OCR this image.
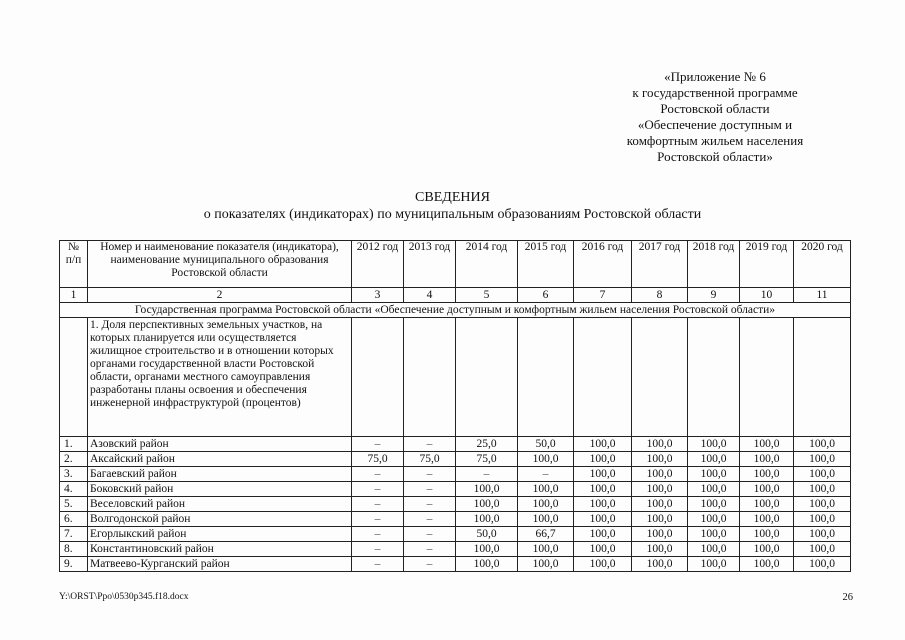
«Приложение № 6
к государственной программе
Ростовской области
«Обеспечение доступным и
комфортным жильем населения
Ростовской области»
СВЕДЕНИЯ
о показателях (индикаторах) по муниципальным образованиям Ростовской области
№ п/п	Номер и наименование показателя (индикатора), наименование муниципального образования Ростовской области	2012 год	2013 год	2014 год	2015 год	2016 год	2017 год	2018 год	2019 год	2020 год
1	2	3	4	5	6	7	8	9	10	11
Государственная программа Ростовской области «Обеспечение доступным и комфортным жильем населения Ростовской области»										
	1. Доля перспективных земельных участков, на которых планируется или осуществляется жилищное строительство и в отношении которых органами государственной власти Ростовской области, органами местного самоуправления разработаны планы освоения и обеспечения инженерной инфраструктурой (процентов)									
1.	Азовский район	–	–	25,0	50,0	100,0	100,0	100,0	100,0	100,0
2.	Аксайский район	75,0	75,0	75,0	100,0	100,0	100,0	100,0	100,0	100,0
3.	Багаевский район	–	–	–	–	100,0	100,0	100,0	100,0	100,0
4.	Боковский район	–	–	100,0	100,0	100,0	100,0	100,0	100,0	100,0
5.	Веселовский район	–	–	100,0	100,0	100,0	100,0	100,0	100,0	100,0
6.	Волгодонской район	–	–	100,0	100,0	100,0	100,0	100,0	100,0	100,0
7.	Егорлыкский район	–	–	50,0	66,7	100,0	100,0	100,0	100,0	100,0
8.	Константиновский район	–	–	100,0	100,0	100,0	100,0	100,0	100,0	100,0
9.	Матвеево-Курганский район	–	–	100,0	100,0	100,0	100,0	100,0	100,0	100,0
Y:\ORST\Ppo\0530p345.f18.docx	26
